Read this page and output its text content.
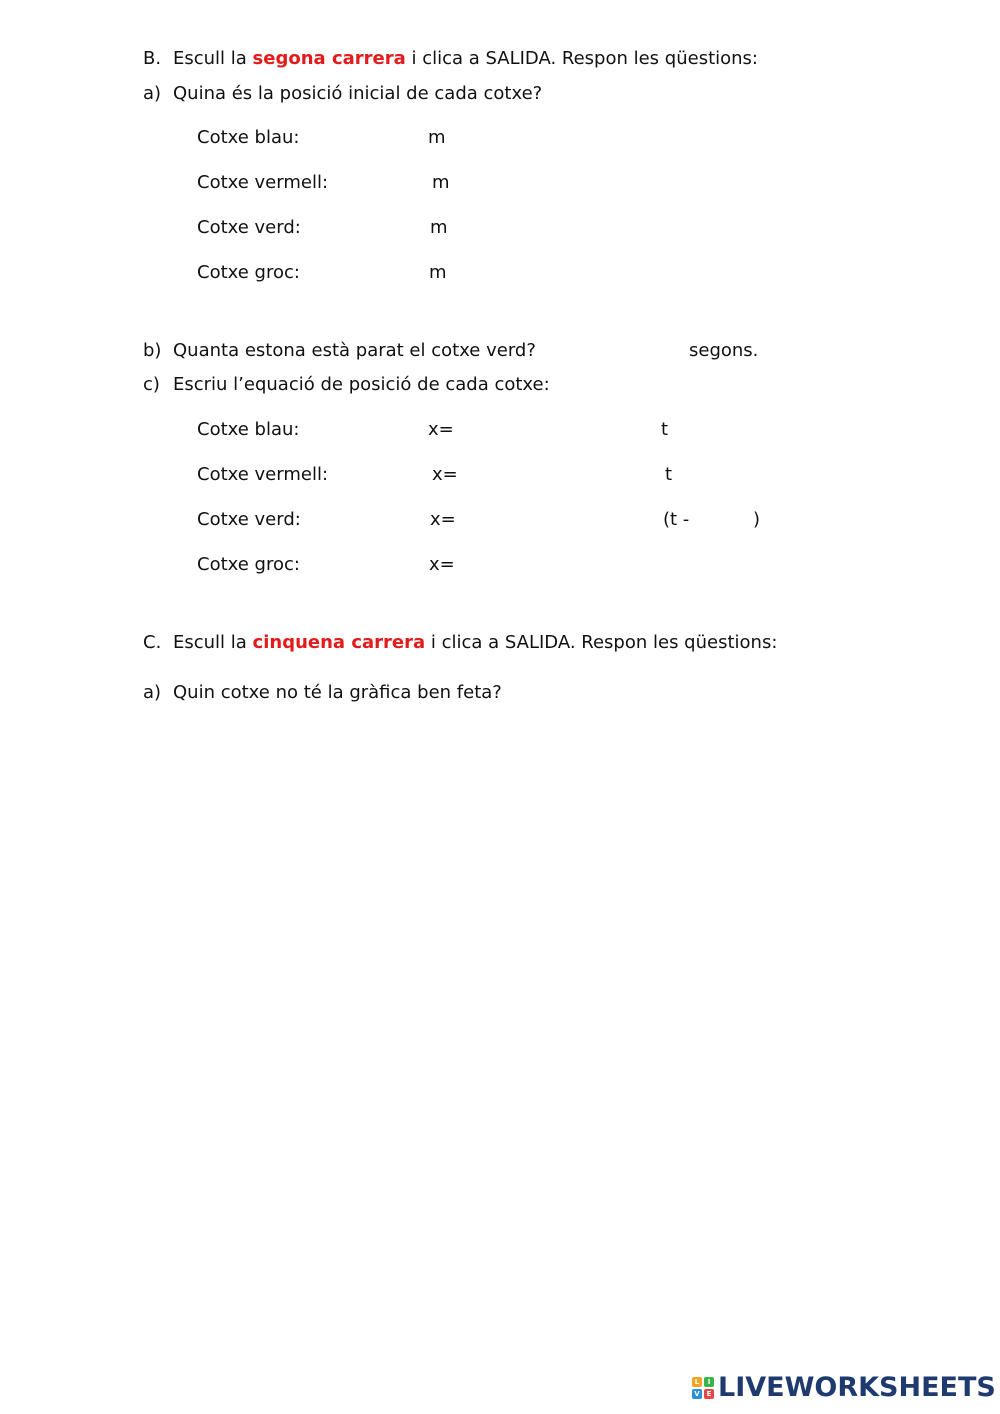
B. Escull la segona carrera i clica a SALIDA. Respon les qüestions:
a) Quina és la posició inicial de cada cotxe?
Cotxe blau:	m
Cotxe vermell:	m
Cotxe verd:	m
Cotxe groc:	m
b) Quanta estona està parat el cotxe verd?	segons.
c) Escriu l’equació de posició de cada cotxe:
Cotxe blau:	x=	t
Cotxe vermell:	x=	t
Cotxe verd:	x=	(t -	)
Cotxe groc:	x=
C. Escull la cinquena carrera i clica a SALIDA. Respon les qüestions:
a) Quin cotxe no té la gràfica ben feta?
L	I
V E LIVEWORKSHEETS
